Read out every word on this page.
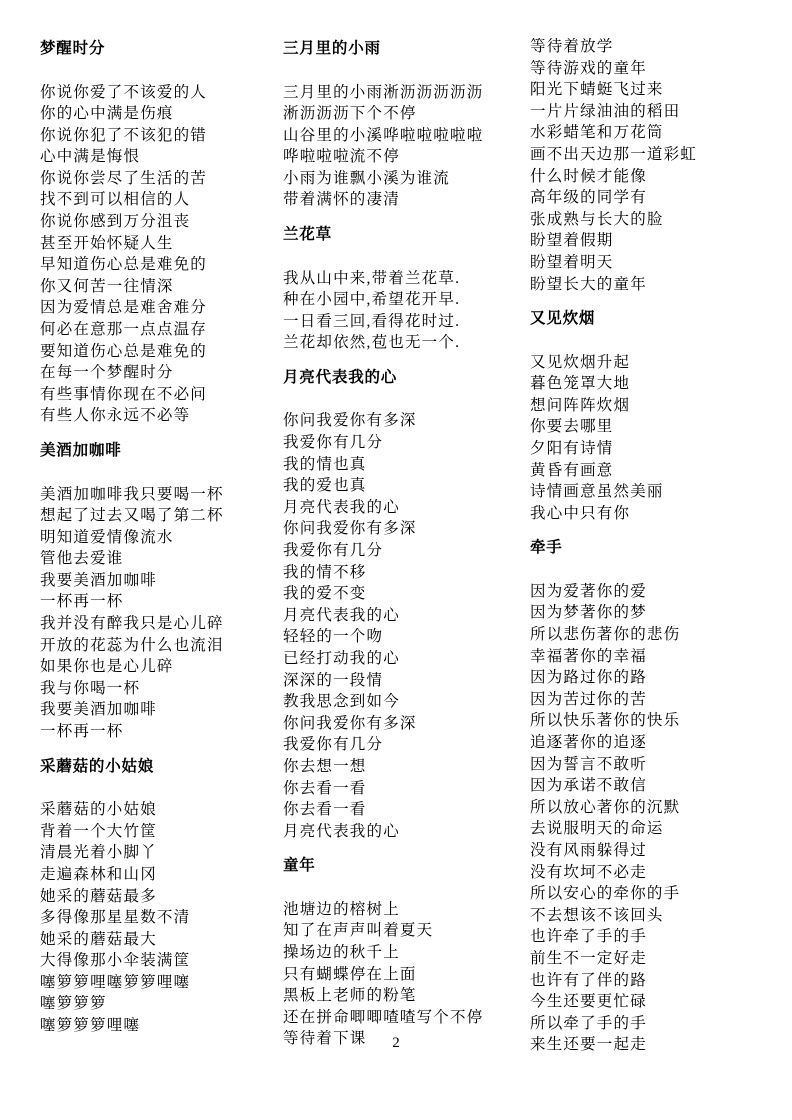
梦醒时分
你说你爱了不该爱的人
你的心中满是伤痕
你说你犯了不该犯的错
心中满是悔恨
你说你尝尽了生活的苦
找不到可以相信的人
你说你感到万分沮丧
甚至开始怀疑人生
早知道伤心总是难免的
你又何苦一往情深
因为爱情总是难舍难分
何必在意那一点点温存
要知道伤心总是难免的
在每一个梦醒时分
有些事情你现在不必问
有些人你永远不必等
美酒加咖啡
美酒加咖啡我只要喝一杯
想起了过去又喝了第二杯
明知道爱情像流水
管他去爱谁
我要美酒加咖啡
一杯再一杯
我并没有醉我只是心儿碎
开放的花蕊为什么也流泪
如果你也是心儿碎
我与你喝一杯
我要美酒加咖啡
一杯再一杯
采蘑菇的小姑娘
采蘑菇的小姑娘
背着一个大竹筐
清晨光着小脚丫
走遍森林和山冈
她采的蘑菇最多
多得像那星星数不清
她采的蘑菇最大
大得像那小伞装满筐
噻箩箩哩噻箩箩哩噻
噻箩箩箩
噻箩箩箩哩噻
三月里的小雨
三月里的小雨淅沥沥沥沥沥
淅沥沥沥下个不停
山谷里的小溪哗啦啦啦啦啦
哗啦啦啦流不停
小雨为谁飘小溪为谁流
带着满怀的凄清
兰花草
我从山中来,带着兰花草.
种在小园中,希望花开早.
一日看三回,看得花时过.
兰花却依然,苞也无一个.
月亮代表我的心
你问我爱你有多深
我爱你有几分
我的情也真
我的爱也真
月亮代表我的心
你问我爱你有多深
我爱你有几分
我的情不移
我的爱不变
月亮代表我的心
轻轻的一个吻
已经打动我的心
深深的一段情
教我思念到如今
你问我爱你有多深
我爱你有几分
你去想一想
你去看一看
你去看一看
月亮代表我的心
童年
池塘边的榕树上
知了在声声叫着夏天
操场边的秋千上
只有蝴蝶停在上面
黑板上老师的粉笔
还在拼命唧唧喳喳写个不停
等待着下课
等待着放学
等待游戏的童年
阳光下蜻蜓飞过来
一片片绿油油的稻田
水彩蜡笔和万花筒
画不出天边那一道彩虹
什么时候才能像
高年级的同学有
张成熟与长大的脸
盼望着假期
盼望着明天
盼望长大的童年
又见炊烟
又见炊烟升起
暮色笼罩大地
想问阵阵炊烟
你要去哪里
夕阳有诗情
黄昏有画意
诗情画意虽然美丽
我心中只有你
牵手
因为爱著你的爱
因为梦著你的梦
所以悲伤著你的悲伤
幸福著你的幸福
因为路过你的路
因为苦过你的苦
所以快乐著你的快乐
追逐著你的追逐
因为誓言不敢听
因为承诺不敢信
所以放心著你的沉默
去说服明天的命运
没有风雨躲得过
没有坎坷不必走
所以安心的牵你的手
不去想该不该回头
也许牵了手的手
前生不一定好走
也许有了伴的路
今生还要更忙碌
所以牵了手的手
来生还要一起走
2
